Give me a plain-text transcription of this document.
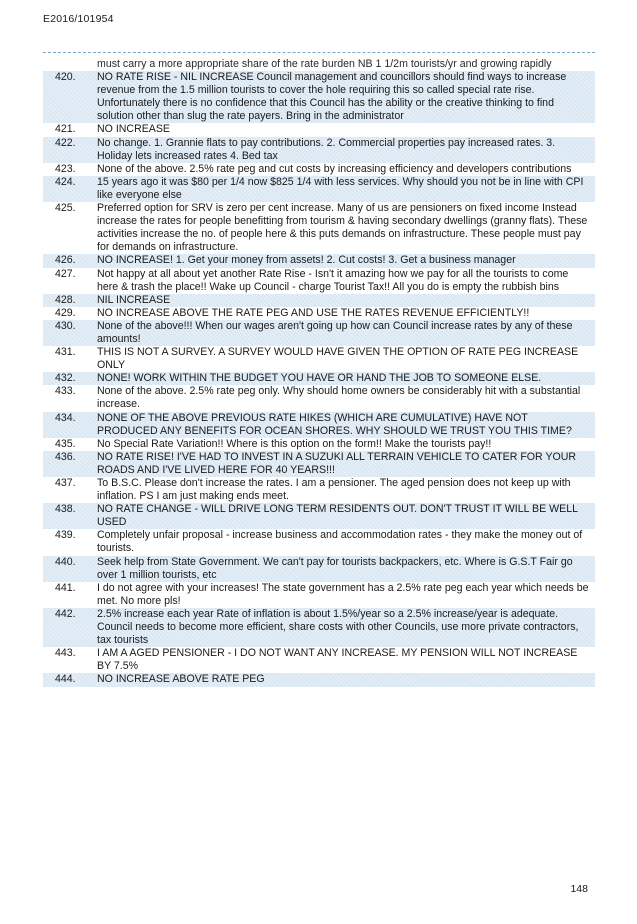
E2016/101954
must carry a more appropriate share of the rate burden NB 1 1/2m tourists/yr and growing rapidly
420.	NO RATE RISE - NIL INCREASE Council management and councillors should find ways to increase revenue from the 1.5 million tourists to cover the hole requiring this so called special rate rise. Unfortunately there is no confidence that this Council has the ability or the creative thinking to find solution other than slug the rate payers. Bring in the administrator
421.	NO INCREASE
422.	No change. 1. Grannie flats to pay contributions. 2. Commercial properties pay increased rates. 3. Holiday lets increased rates 4. Bed tax
423.	None of the above. 2.5% rate peg and cut costs by increasing efficiency and developers contributions
424.	15 years ago it was $80 per 1/4 now $825 1/4 with less services. Why should you not be in line with CPI like everyone else
425.	Preferred option for SRV is zero per cent increase. Many of us are pensioners on fixed income Instead increase the rates for people benefitting from tourism & having secondary dwellings (granny flats). These activities increase the no. of people here & this puts demands on infrastructure. These people must pay for demands on infrastructure.
426.	NO INCREASE! 1. Get your money from assets! 2. Cut costs! 3. Get a business manager
427.	Not happy at all about yet another Rate Rise - Isn't it amazing how we pay for all the tourists to come here & trash the place!! Wake up Council - charge Tourist Tax!! All you do is empty the rubbish bins
428.	NIL INCREASE
429.	NO INCREASE ABOVE THE RATE PEG AND USE THE RATES REVENUE EFFICIENTLY!!
430.	None of the above!!! When our wages aren't going up how can Council increase rates by any of these amounts!
431.	THIS IS NOT A SURVEY. A SURVEY WOULD HAVE GIVEN THE OPTION OF RATE PEG INCREASE ONLY
432.	NONE! WORK WITHIN THE BUDGET YOU HAVE OR HAND THE JOB TO SOMEONE ELSE.
433.	None of the above. 2.5% rate peg only. Why should home owners be considerably hit with a substantial increase.
434.	NONE OF THE ABOVE PREVIOUS RATE HIKES (WHICH ARE CUMULATIVE) HAVE NOT PRODUCED ANY BENEFITS FOR OCEAN SHORES. WHY SHOULD WE TRUST YOU THIS TIME?
435.	No Special Rate Variation!! Where is this option on the form!! Make the tourists pay!!
436.	NO RATE RISE! I'VE HAD TO INVEST IN A SUZUKI ALL TERRAIN VEHICLE TO CATER FOR YOUR ROADS AND I'VE LIVED HERE FOR 40 YEARS!!!
437.	To B.S.C. Please don't increase the rates. I am a pensioner. The aged pension does not keep up with inflation. PS I am just making ends meet.
438.	NO RATE CHANGE - WILL DRIVE LONG TERM RESIDENTS OUT. DON'T TRUST IT WILL BE WELL USED
439.	Completely unfair proposal - increase business and accommodation rates - they make the money out of tourists.
440.	Seek help from State Government. We can't pay for tourists backpackers, etc. Where is G.S.T Fair go over 1 million tourists, etc
441.	I do not agree with your increases! The state government has a 2.5% rate peg each year which needs be met. No more pls!
442.	2.5% increase each year Rate of inflation is about 1.5%/year so a 2.5% increase/year is adequate. Council needs to become more efficient, share costs with other Councils, use more private contractors, tax tourists
443.	I AM A AGED PENSIONER - I DO NOT WANT ANY INCREASE. MY PENSION WILL NOT INCREASE BY 7.5%
444.	NO INCREASE ABOVE RATE PEG
148
